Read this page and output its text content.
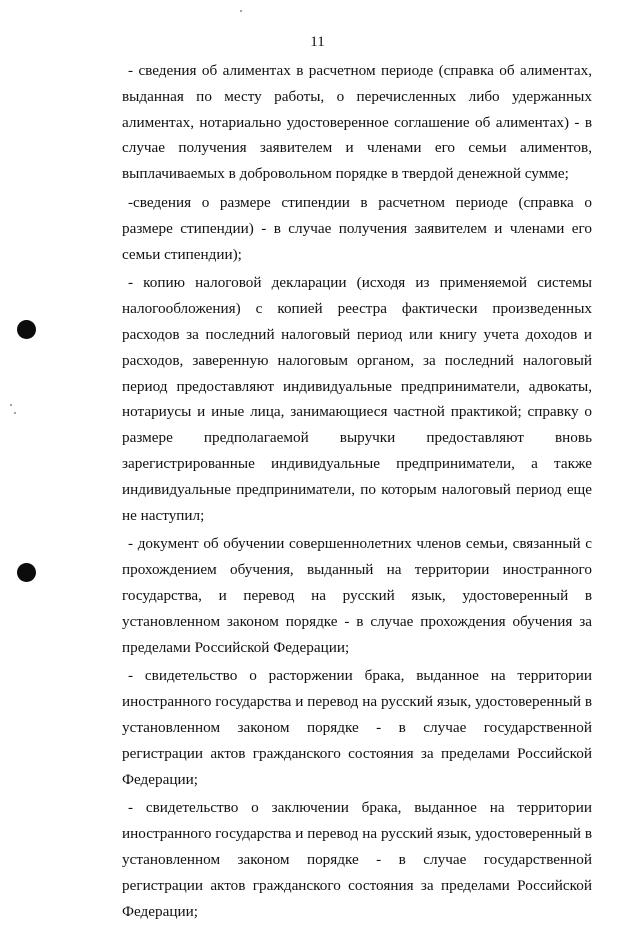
11

- сведения об алиментах в расчетном периоде (справка об алиментах, выданная по месту работы, о перечисленных либо удержанных алиментах, нотариально удостоверенное соглашение об алиментах) - в случае получения заявителем и членами его семьи алиментов, выплачиваемых в добровольном порядке в твердой денежной сумме;

-сведения о размере стипендии в расчетном периоде (справка о размере стипендии) - в случае получения заявителем и членами его семьи стипендии);

- копию налоговой декларации (исходя из применяемой системы налогообложения) с копией реестра фактически произведенных расходов за последний налоговый период или книгу учета доходов и расходов, заверенную налоговым органом, за последний налоговый период предоставляют индивидуальные предприниматели, адвокаты, нотариусы и иные лица, занимающиеся частной практикой; справку о размере предполагаемой выручки предоставляют вновь зарегистрированные индивидуальные предприниматели, а также индивидуальные предприниматели, по которым налоговый период еще не наступил;

- документ об обучении совершеннолетних членов семьи, связанный с прохождением обучения, выданный на территории иностранного государства, и перевод на русский язык, удостоверенный в установленном законом порядке - в случае прохождения обучения за пределами Российской Федерации;

- свидетельство о расторжении брака, выданное на территории иностранного государства и перевод на русский язык, удостоверенный в установленном законом порядке - в случае государственной регистрации актов гражданского состояния за пределами Российской Федерации;

- свидетельство о заключении брака, выданное на территории иностранного государства и перевод на русский язык, удостоверенный в установленном законом порядке - в случае государственной регистрации актов гражданского состояния за пределами Российской Федерации;
